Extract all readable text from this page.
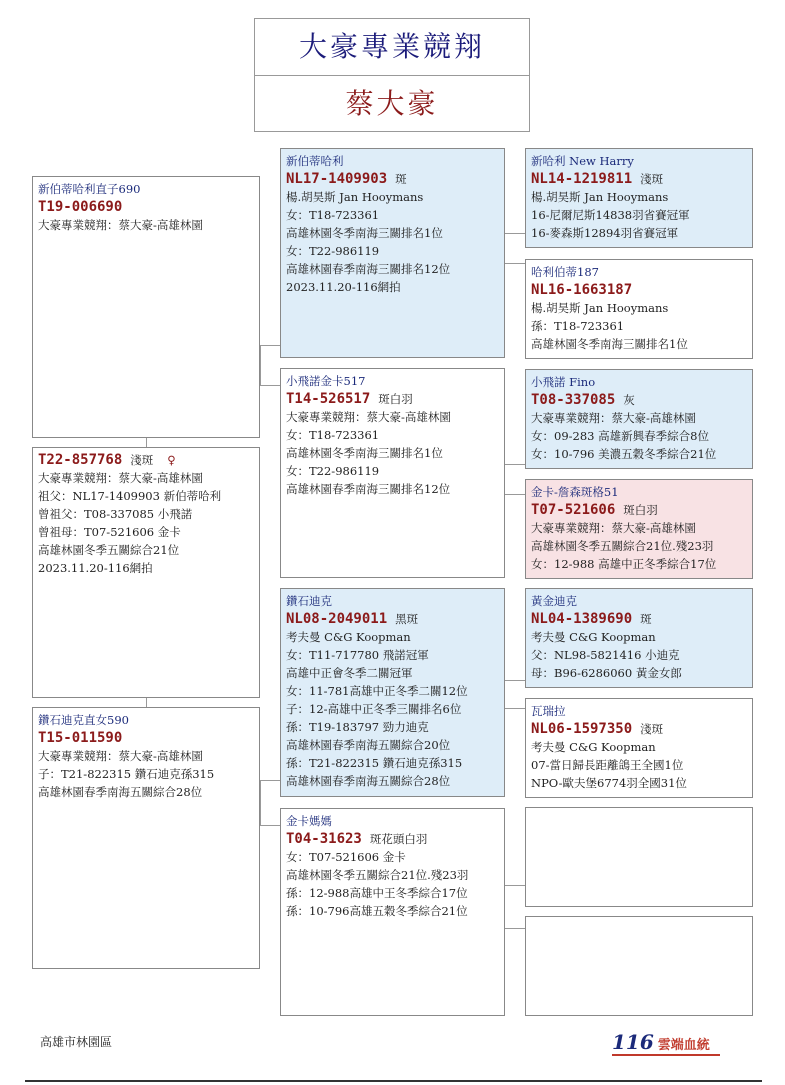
大豪專業競翔
蔡大豪
新伯蒂哈利直子690
T19-006690
大豪專業競翔：蔡大豪-高雄林園
T22-857768 淺斑 ♀
大豪專業競翔：蔡大豪-高雄林園
祖父：NL17-1409903 新伯蒂哈利
曾祖父：T08-337085 小飛諾
曾祖母：T07-521606 金卡
高雄林園冬季五關綜合21位
2023.11.20-116網拍
鑽石迪克直女590
T15-011590
大豪專業競翔：蔡大豪-高雄林園
子：T21-822315 鑽石迪克孫315
高雄林園春季南海五關綜合28位
新伯蒂哈利
NL17-1409903 斑
楊.胡昊斯 Jan Hooymans
女：T18-723361
高雄林園冬季南海三關排名1位
女：T22-986119
高雄林園春季南海三關排名12位
2023.11.20-116網拍
小飛諾金卡517
T14-526517 斑白羽
大豪專業競翔：蔡大豪-高雄林園
女：T18-723361
高雄林園冬季南海三關排名1位
女：T22-986119
高雄林園春季南海三關排名12位
鑽石迪克
NL08-2049011 黑斑
考夫曼 C&G Koopman
女：T11-717780 飛諾冠軍
高雄中正會冬季二關冠軍
女：11-781高雄中正冬季二關12位
子：12-高雄中正冬季三關排名6位
孫：T19-183797 勁力迪克
高雄林園春季南海五關綜合20位
孫：T21-822315 鑽石迪克孫315
高雄林園春季南海五關綜合28位
金卡媽媽
T04-31623 斑花頭白羽
女：T07-521606 金卡
高雄林園冬季五關綜合21位.殘23羽
孫：12-988高雄中王冬季綜合17位
孫：10-796高雄五穀冬季綜合21位
新哈利 New Harry
NL14-1219811 淺斑
楊.胡昊斯 Jan Hooymans
16-尼爾尼斯14838羽省賽冠軍
16-麥森斯12894羽省賽冠軍
哈利伯蒂187
NL16-1663187
楊.胡昊斯 Jan Hooymans
孫：T18-723361
高雄林園冬季南海三關排名1位
小飛諾 Fino
T08-337085 灰
大豪專業競翔：蔡大豪-高雄林園
女：09-283 高雄新興春季綜合8位
女：10-796 美濃五穀冬季綜合21位
金卡-詹森斑格51
T07-521606 斑白羽
大豪專業競翔：蔡大豪-高雄林園
高雄林園冬季五關綜合21位.殘23羽
女：12-988 高雄中正冬季綜合17位
黃金迪克
NL04-1389690 斑
考夫曼 C&G Koopman
父：NL98-5821416 小迪克
母：B96-6286060 黃金女郎
瓦瑞拉
NL06-1597350 淺斑
考夫曼 C&G Koopman
07-當日歸長距離鴿王全國1位
NPO-歐夫堡6774羽全國31位
高雄市林園區	116 雲端血統
